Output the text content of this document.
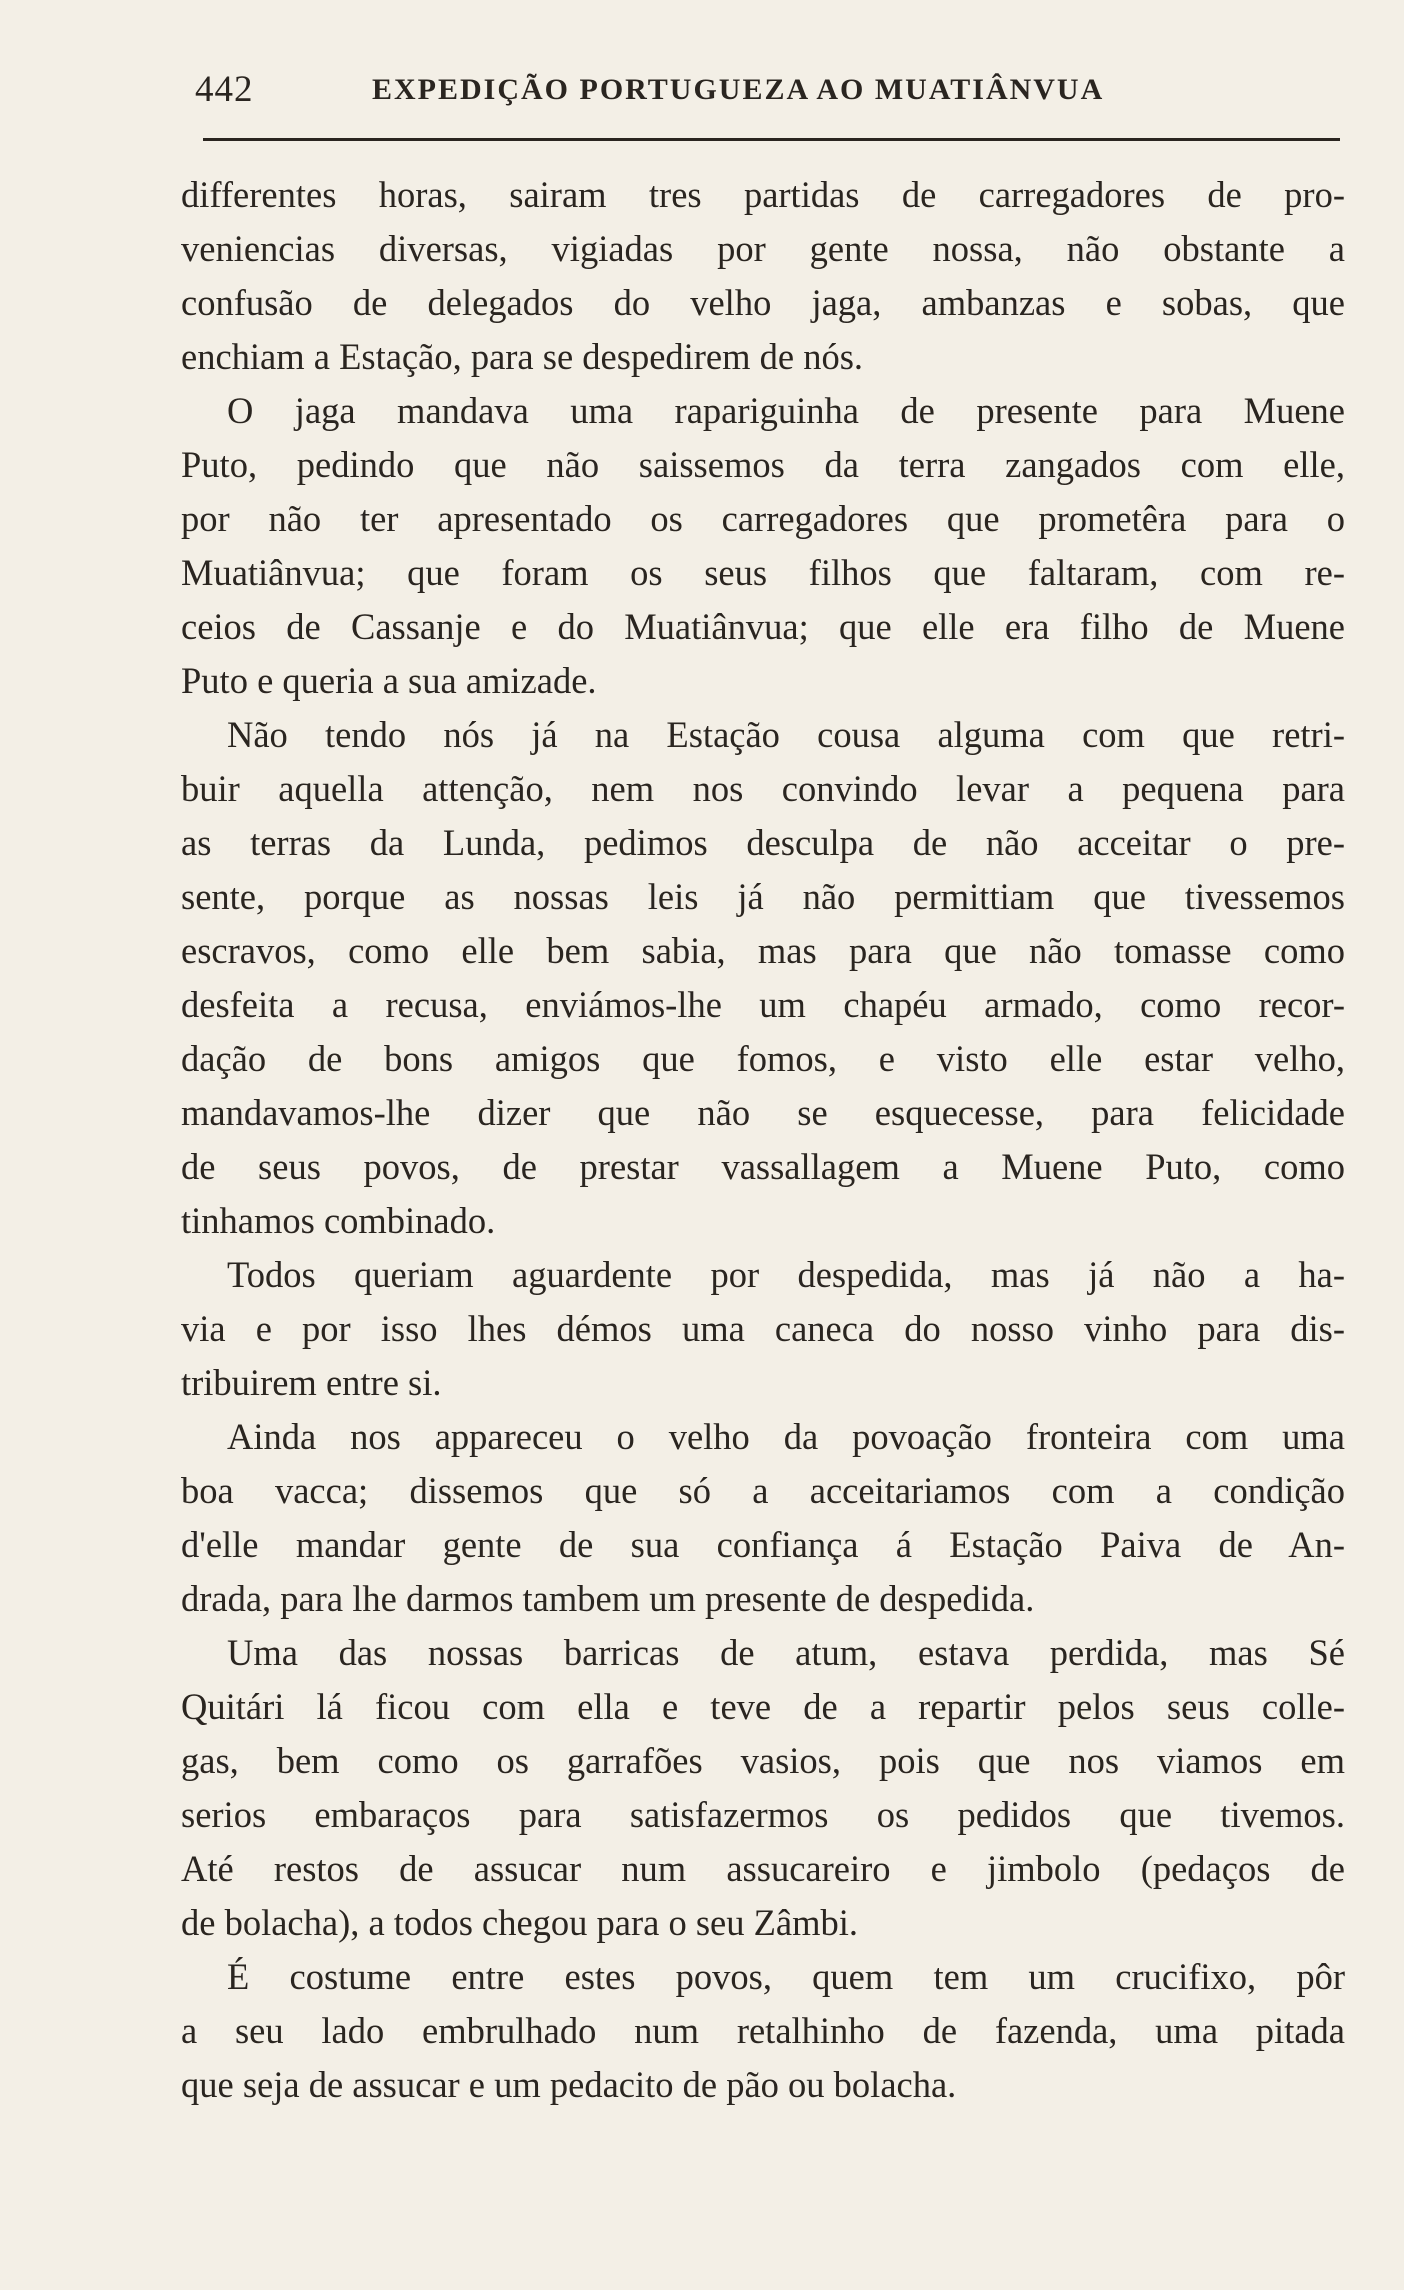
442	EXPEDIÇÃO PORTUGUEZA AO MUATIÂNVUA
differentes horas, sairam tres partidas de carregadores de pro-
veniencias diversas, vigiadas por gente nossa, não obstante a
confusão de delegados do velho jaga, ambanzas e sobas, que
enchiam a Estação, para se despedirem de nós.
O jaga mandava uma rapariguinha de presente para Muene
Puto, pedindo que não saissemos da terra zangados com elle,
por não ter apresentado os carregadores que prometêra para o
Muatiânvua; que foram os seus filhos que faltaram, com re-
ceios de Cassanje e do Muatiânvua; que elle era filho de Muene
Puto e queria a sua amizade.
Não tendo nós já na Estação cousa alguma com que retri-
buir aquella attenção, nem nos convindo levar a pequena para
as terras da Lunda, pedimos desculpa de não acceitar o pre-
sente, porque as nossas leis já não permittiam que tivessemos
escravos, como elle bem sabia, mas para que não tomasse como
desfeita a recusa, enviámos-lhe um chapéu armado, como recor-
dação de bons amigos que fomos, e visto elle estar velho,
mandavamos-lhe dizer que não se esquecesse, para felicidade
de seus povos, de prestar vassallagem a Muene Puto, como
tinhamos combinado.
Todos queriam aguardente por despedida, mas já não a ha-
via e por isso lhes démos uma caneca do nosso vinho para dis-
tribuirem entre si.
Ainda nos appareceu o velho da povoação fronteira com uma
boa vacca; dissemos que só a acceitariamos com a condição
d'elle mandar gente de sua confiança á Estação Paiva de An-
drada, para lhe darmos tambem um presente de despedida.
Uma das nossas barricas de atum, estava perdida, mas Sé
Quitári lá ficou com ella e teve de a repartir pelos seus colle-
gas, bem como os garrafões vasios, pois que nos viamos em
serios embaraços para satisfazermos os pedidos que tivemos.
Até restos de assucar num assucareiro e jimbolo (pedaços de
de bolacha), a todos chegou para o seu Zâmbi.
É costume entre estes povos, quem tem um crucifixo, pôr
a seu lado embrulhado num retalhinho de fazenda, uma pitada
que seja de assucar e um pedacito de pão ou bolacha.
